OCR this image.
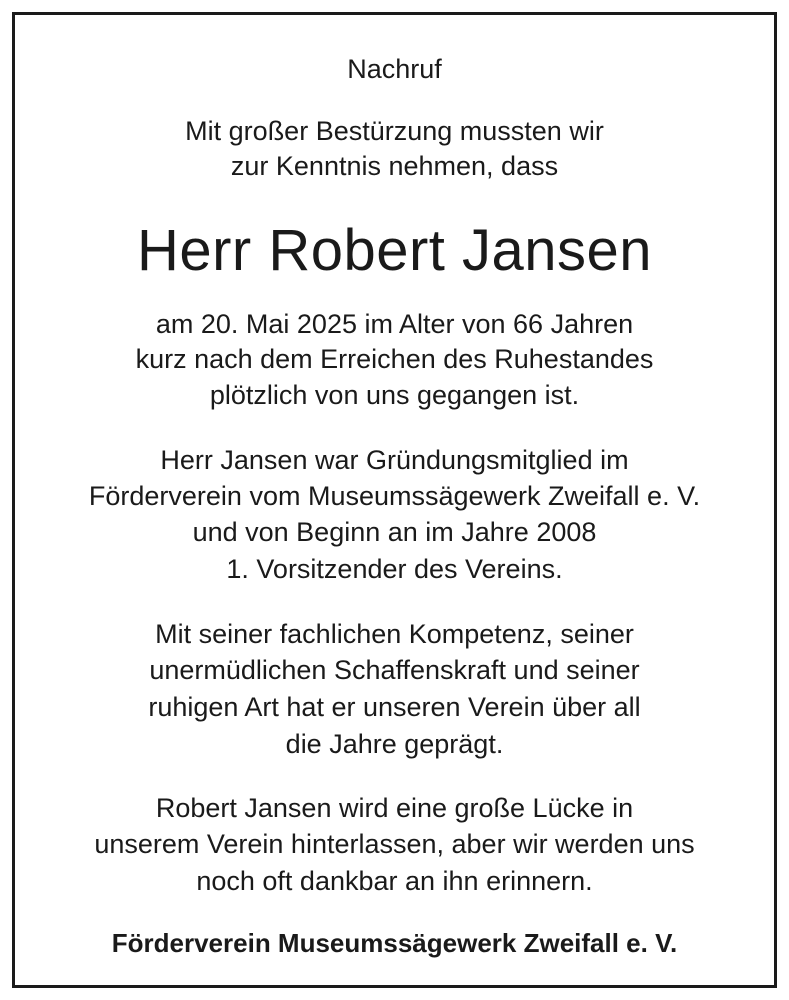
Nachruf
Mit großer Bestürzung mussten wir
zur Kenntnis nehmen, dass
Herr Robert Jansen
am 20. Mai 2025 im Alter von 66 Jahren
kurz nach dem Erreichen des Ruhestandes
plötzlich von uns gegangen ist.
Herr Jansen war Gründungsmitglied im
Förderverein vom Museumssägewerk Zweifall e. V.
und von Beginn an im Jahre 2008
1. Vorsitzender des Vereins.
Mit seiner fachlichen Kompetenz, seiner
unermüdlichen Schaffenskraft und seiner
ruhigen Art hat er unseren Verein über all
die Jahre geprägt.
Robert Jansen wird eine große Lücke in
unserem Verein hinterlassen, aber wir werden uns
noch oft dankbar an ihn erinnern.
Förderverein Museumssägewerk Zweifall e. V.
